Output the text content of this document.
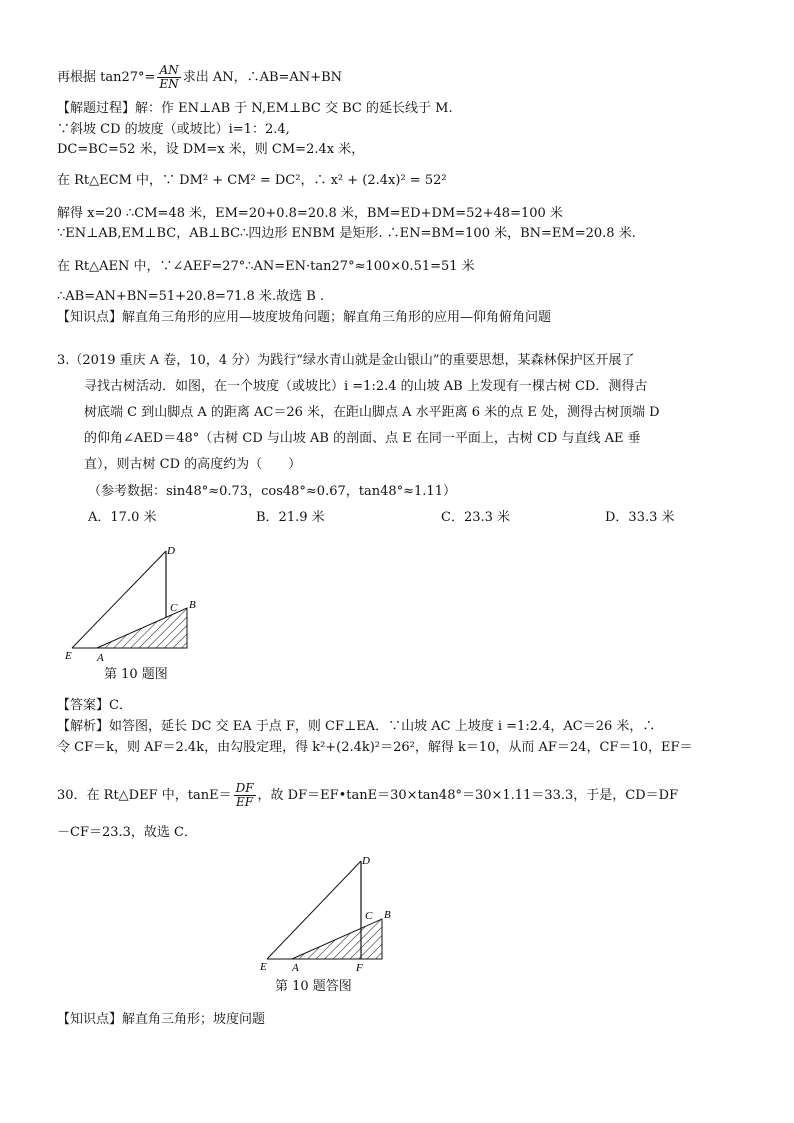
再根据 $\tan 27^\circ= \frac{AN}{EN}$ 求出 AN，∴AB=AN+BN
【解题过程】解：作 EN⊥AB 于 N,EM⊥BC 交 BC 的延长线于 M.
∵斜坡 CD 的坡度（或坡比）i=1：2.4,
DC=BC=52 米，设 DM=x 米，则 CM=2.4x 米，
在 Rt△ECM 中，∵ DM² + CM² = DC²，∴ x² + (2.4x)² = 52²
解得 x=20 ∴CM=48 米，EM=20+0.8=20.8 米，BM=ED+DM=52+48=100 米
∵EN⊥AB,EM⊥BC，AB⊥BC∴四边形 ENBM 是矩形. ∴EN=BM=100 米，BN=EM=20.8 米.
在 Rt△AEN 中，∵∠AEF=27°∴AN=EN·tan27°≈100×0.51=51 米
∴AB=AN+BN=51+20.8=71.8 米.故选 B .
【知识点】解直角三角形的应用—坡度坡角问题；解直角三角形的应用—仰角俯角问题
3.（2019 重庆 A 卷，10，4 分）为践行“绿水青山就是金山银山”的重要思想，某森林保护区开展了
寻找古树活动．如图，在一个坡度（或坡比）i =1:2.4 的山坡 AB 上发现有一棵古树 CD．测得古
树底端 C 到山脚点 A 的距离 AC＝26 米，在距山脚点 A 水平距离 6 米的点 E 处，测得古树顶端 D
的仰角∠AED＝48°（古树 CD 与山坡 AB 的剖面、点 E 在同一平面上，古树 CD 与直线 AE 垂
直），则古树 CD 的高度约为（　　）
（参考数据：sin48°≈0.73，cos48°≈0.67，tan48°≈1.11）
A．17.0 米	B．21.9 米	C．23.3 米	D．33.3 米
D
C B
E A
第 10 题图
【答案】C．
【解析】如答图，延长 DC 交 EA 于点 F，则 CF⊥EA．∵山坡 AC 上坡度 i =1:2.4，AC＝26 米，∴
令 CF＝k，则 AF＝2.4k，由勾股定理，得 k²+(2.4k)²＝26²，解得 k＝10，从而 AF＝24，CF＝10，EF＝
30．在 Rt△DEF 中，$\tan E= \frac{DF}{EF}$ ，故 DF＝EF•tanE＝30×tan48°＝30×1.11＝33.3，于是，CD＝DF
－CF＝23.3，故选 C．
D
C B
E A	F
第 10 题答图
【知识点】解直角三角形；坡度问题
